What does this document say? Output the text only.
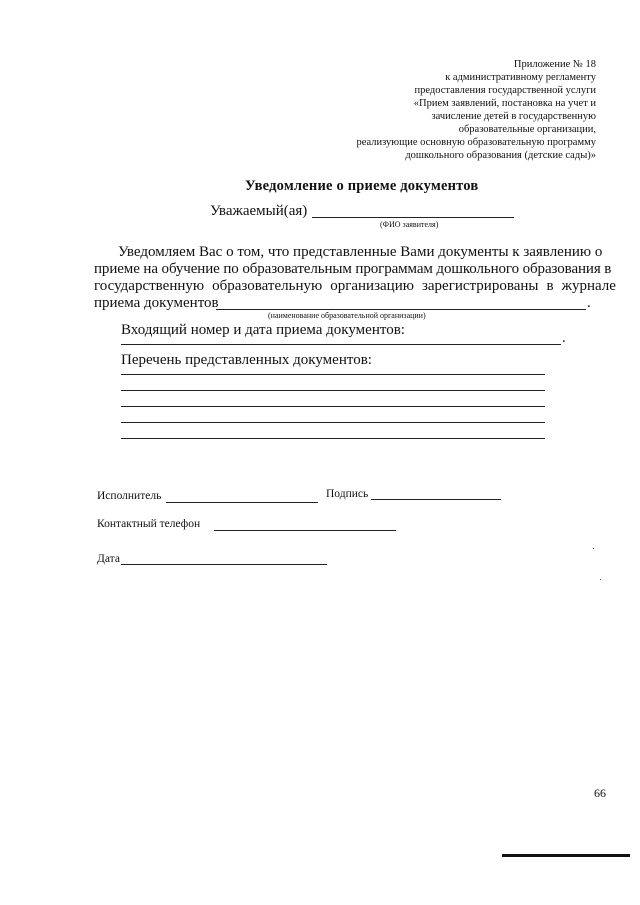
Приложение № 18
к административному регламенту
предоставления государственной услуги
«Прием заявлений, постановка на учет и
зачисление детей в государственную
образовательные организации,
реализующие основную образовательную программу
дошкольного образования (детские сады)»
Уведомление о приеме документов
Уважаемый(ая)
(ФИО заявителя)
Уведомляем Вас о том, что представленные Вами документы к заявлению о
приеме на обучение по образовательным программам дошкольного образования в
государственную образовательную организацию зарегистрированы в журнале
приема документов	.
(наименование образовательной организации)
Входящий номер и дата приема документов:	.
Перечень представленных документов:
Исполнитель	Подпись
Контактный телефон
Дата
66
